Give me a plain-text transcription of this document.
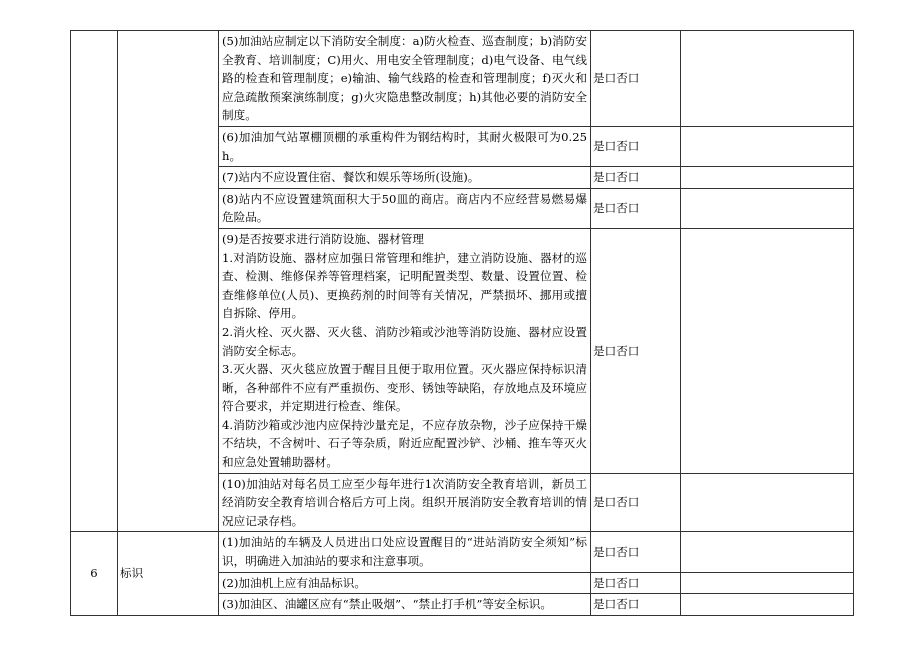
		(5)加油站应制定以下消防安全制度：a)防火检查、巡查制度；b)消防安全教育、培训制度；C)用火、用电安全管理制度；d)电气设备、电气线路的检查和管理制度；e)输油、输气线路的检查和管理制度；f)灭火和应急疏散预案演练制度；g)火灾隐患整改制度；h)其他必要的消防安全制度。	是口否口	

		(6)加油加气站罩棚顶棚的承重构件为钢结构时，其耐火极限可为0.25h。	是口否口	

		(7)站内不应设置住宿、餐饮和娱乐等场所(设施)。	是口否口	

		(8)站内不应设置建筑面积大于50皿的商店。商店内不应经营易燃易爆危险品。	是口否口	

		(9)是否按要求进行消防设施、器材管理
1.对消防设施、器材应加强日常管理和维护，建立消防设施、器材的巡查、检测、维修保养等管理档案，记明配置类型、数量、设置位置、检查维修单位(人员)、更换药剂的时间等有关情况，严禁损坏、挪用或擅自拆除、停用。
2.消火栓、灭火器、灭火毯、消防沙箱或沙池等消防设施、器材应设置消防安全标志。
3.灭火器、灭火毯应放置于醒目且便于取用位置。灭火器应保持标识清晰，各种部件不应有严重损伤、变形、锈蚀等缺陷，存放地点及环境应符合要求，并定期进行检查、维保。
4.消防沙箱或沙池内应保持沙量充足，不应存放杂物，沙子应保持干燥不结块，不含树叶、石子等杂质，附近应配置沙铲、沙桶、推车等灭火和应急处置辅助器材。	是口否口	

		(10)加油站对每名员工应至少每年进行1次消防安全教育培训，新员工经消防安全教育培训合格后方可上岗。组织开展消防安全教育培训的情况应记录存档。	是口否口	
6	标识	(1)加油站的车辆及人员进出口处应设置醒目的“进站消防安全须知”标识，明确进入加油站的要求和注意事项。	是口否口	

		(2)加油机上应有油品标识。	是口否口	

		(3)加油区、油罐区应有“禁止吸烟”、“禁止打手机”等安全标识。	是口否口	
